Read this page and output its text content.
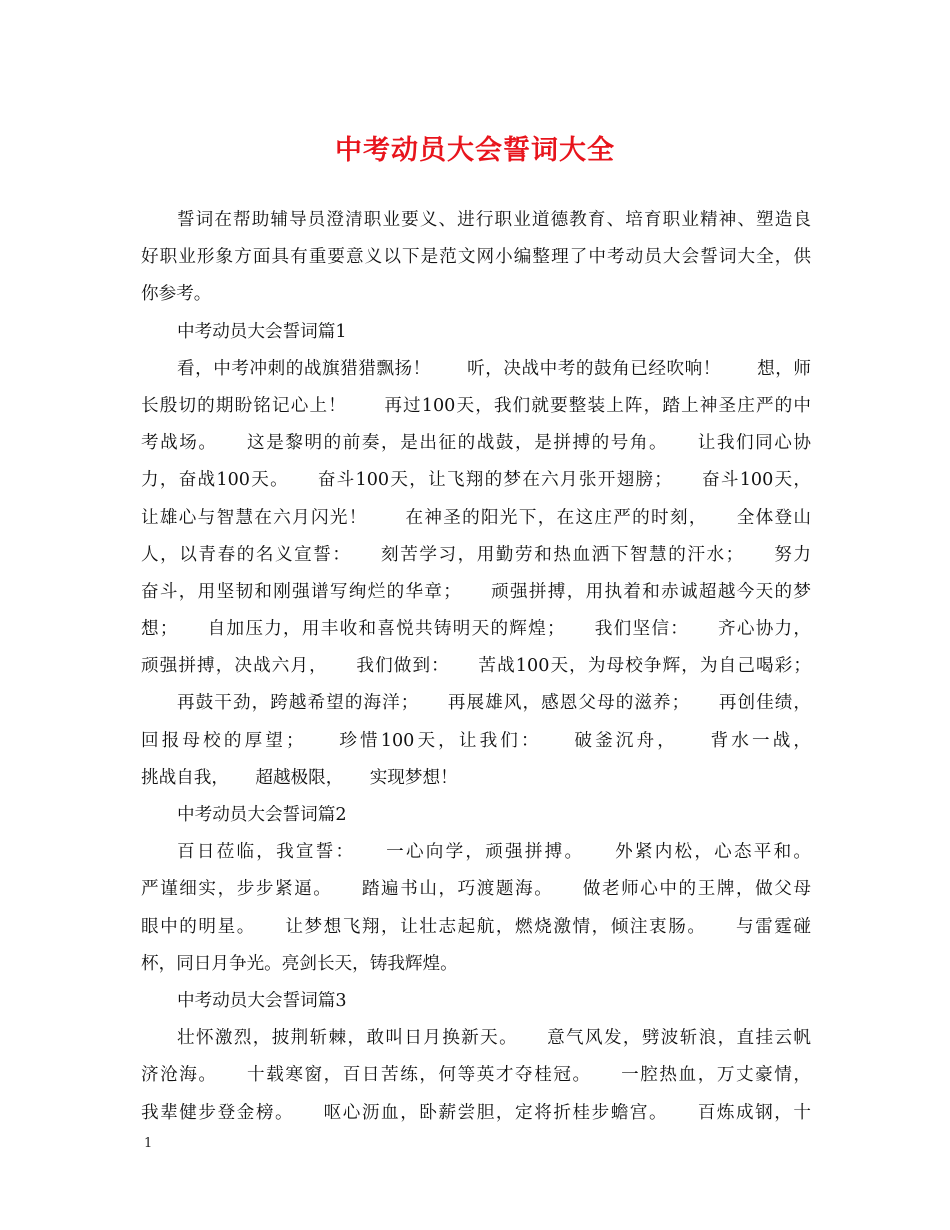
中考动员大会誓词大全
誓词在帮助辅导员澄清职业要义、进行职业道德教育、培育职业精神、塑造良
好职业形象方面具有重要意义以下是范文网小编整理了中考动员大会誓词大全，供
你参考。
中考动员大会誓词篇1
看，中考冲刺的战旗猎猎飘扬！　　听，决战中考的鼓角已经吹响！　　想，师
长殷切的期盼铭记心上！　　再过100天，我们就要整装上阵，踏上神圣庄严的中
考战场。　　这是黎明的前奏，是出征的战鼓，是拼搏的号角。　　让我们同心协
力，奋战100天。　　奋斗100天，让飞翔的梦在六月张开翅膀；　　奋斗100天，
让雄心与智慧在六月闪光！　　在神圣的阳光下，在这庄严的时刻，　　全体登山
人，以青春的名义宣誓：　　刻苦学习，用勤劳和热血洒下智慧的汗水；　　努力
奋斗，用坚韧和刚强谱写绚烂的华章；　　顽强拼搏，用执着和赤诚超越今天的梦
想；　　自加压力，用丰收和喜悦共铸明天的辉煌；　　我们坚信：　　齐心协力，
顽强拼搏，决战六月，　　我们做到：　　苦战100天，为母校争辉，为自己喝彩；
再鼓干劲，跨越希望的海洋；　　再展雄风，感恩父母的滋养；　　再创佳绩，
回报母校的厚望；　　珍惜100天，让我们：　　破釜沉舟，　　背水一战，
挑战自我，　　超越极限，　　实现梦想！
中考动员大会誓词篇2
百日莅临，我宣誓：　　一心向学，顽强拼搏。　　外紧内松，心态平和。
严谨细实，步步紧逼。　　踏遍书山，巧渡题海。　　做老师心中的王牌，做父母
眼中的明星。　　让梦想飞翔，让壮志起航，燃烧激情，倾注衷肠。　　与雷霆碰
杯，同日月争光。亮剑长天，铸我辉煌。
中考动员大会誓词篇3
壮怀激烈，披荆斩棘，敢叫日月换新天。　　意气风发，劈波斩浪，直挂云帆
济沧海。　　十载寒窗，百日苦练，何等英才夺桂冠。　　一腔热血，万丈豪情，
我辈健步登金榜。　　呕心沥血，卧薪尝胆，定将折桂步蟾宫。　　百炼成钢，十
1
